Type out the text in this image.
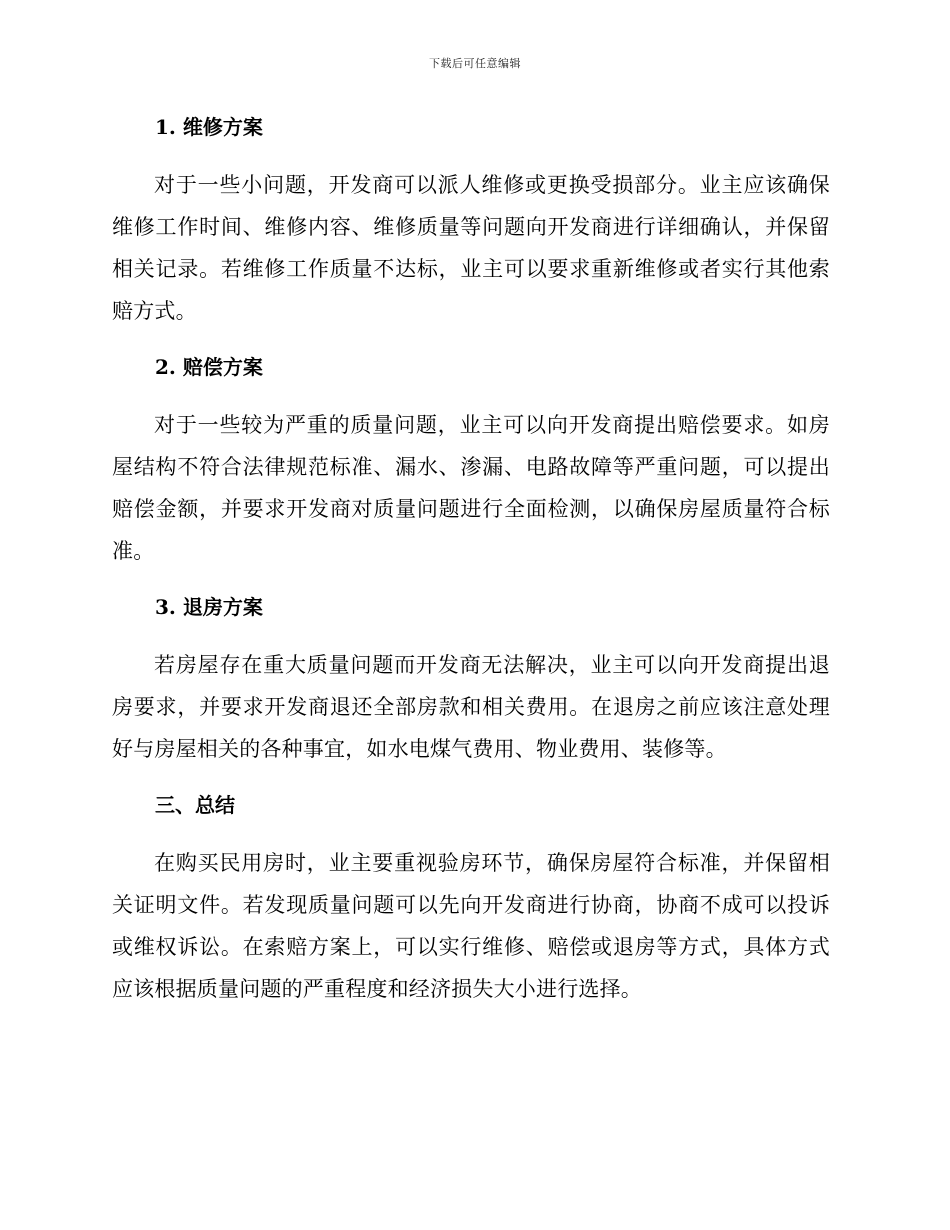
下载后可任意编辑
1. 维修方案

对于一些小问题，开发商可以派人维修或更换受损部分。业主应该确保维修工作时间、维修内容、维修质量等问题向开发商进行详细确认，并保留相关记录。若维修工作质量不达标，业主可以要求重新维修或者实行其他索赔方式。

2. 赔偿方案

对于一些较为严重的质量问题，业主可以向开发商提出赔偿要求。如房屋结构不符合法律规范标准、漏水、渗漏、电路故障等严重问题，可以提出赔偿金额，并要求开发商对质量问题进行全面检测，以确保房屋质量符合标准。

3. 退房方案

若房屋存在重大质量问题而开发商无法解决，业主可以向开发商提出退房要求，并要求开发商退还全部房款和相关费用。在退房之前应该注意处理好与房屋相关的各种事宜，如水电煤气费用、物业费用、装修等。

三、总结

在购买民用房时，业主要重视验房环节，确保房屋符合标准，并保留相关证明文件。若发现质量问题可以先向开发商进行协商，协商不成可以投诉或维权诉讼。在索赔方案上，可以实行维修、赔偿或退房等方式，具体方式应该根据质量问题的严重程度和经济损失大小进行选择。
